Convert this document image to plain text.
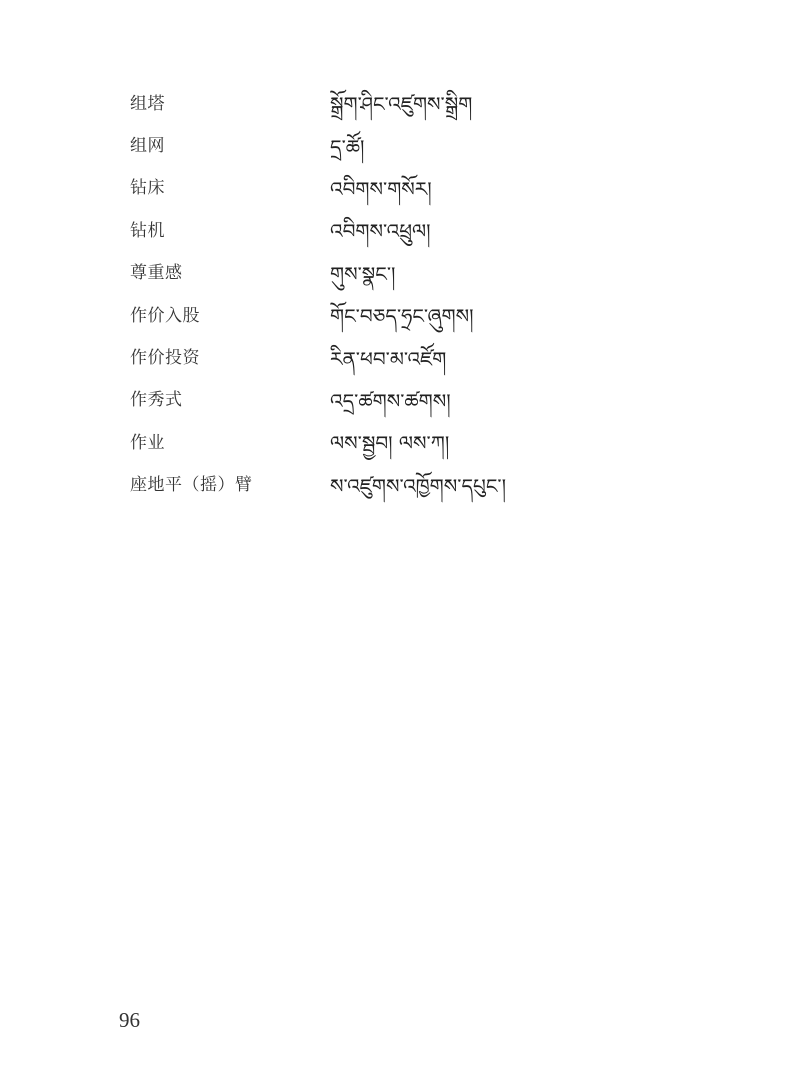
组塔	སྒྲོག་ཤིང་འཛུགས་སྒྲིག
组网	དྲ་ཚོ།
钻床	འབིགས་གསོར།
钻机	འབིགས་འཕྲུལ།
尊重感	གུས་སྣང་།
作价入股	གོང་བཅད་ཧྲང་ཞུགས།
作价投资	རིན་ཕབ་མ་འཛོག
作秀式	འདྲ་ཚགས་ཚགས།
作业	ལས་སྦྱབ། ལས་ཀ།
座地平（摇）臂	ས་འཛུགས་འཁྱོགས་དཔུང་།
96
